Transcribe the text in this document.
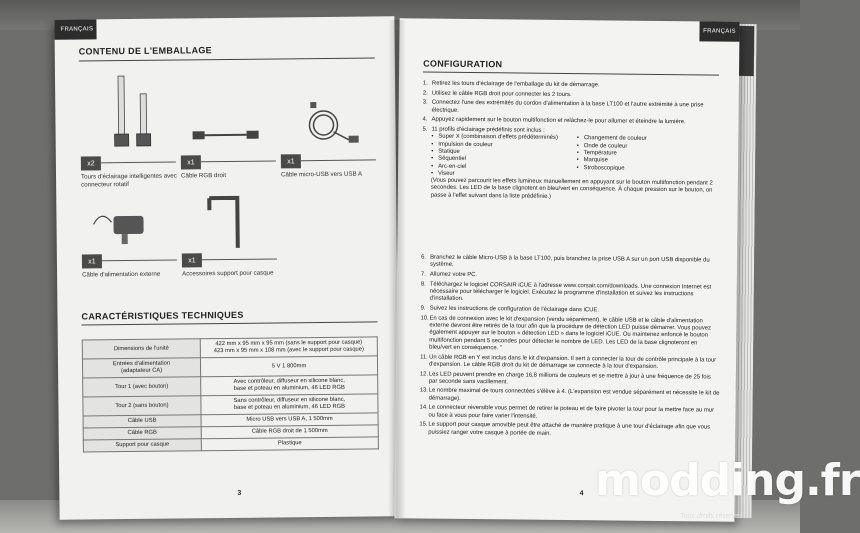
FRANÇAIS
CONTENU DE L'EMBALLAGE
x2
Tours d'éclairage intelligentes avec connecteur rotatif
x1
Câble RGB droit
x1
Câble micro-USB vers USB A
x1
Câble d'alimentation externe
x1
Accessoires support pour casque
CARACTÉRISTIQUES TECHNIQUES
Dimensions de l'unité	422 mm x 95 mm x 95 mm (sans le support pour casque)
423 mm x 95 mm x 108 mm (avec le support pour casque)
Entrées d'alimentation
(adaptateur CA)	5 V 1 800mm
Tour 1 (avec bouton)	Avec contrôleur, diffuseur en silicone blanc,
base et poteau en aluminium, 46 LED RGB
Tour 2 (sans bouton)	Sans contrôleur, diffuseur en silicone blanc,
base et poteau en aluminium, 46 LED RGB
Câble USB	Micro USB vers USB A, 1 500mm
Câble RGB	Câble RGB droit de 1 500mm
Support pour casque	Plastique
3
FRANÇAIS
CONFIGURATION
1. Retirez les tours d'éclairage de l'emballage du kit de démarrage.
2. Utilisez le câble RGB droit pour connecter les 2 tours.
3. Connectez l'une des extrémités du cordon d'alimentation à la base LT100 et l'autre extrémité à une prise électrique.
4. Appuyez rapidement sur le bouton multifonction et relâchez-le pour allumer et éteindre la lumière.
5. 11 profils d'éclairage prédéfinis sont inclus :
• Super X (combinaison d'effets prédéterminés)
• Impulsion de couleur
• Statique
• Séquentiel
• Arc-en-ciel
• Viseur
• Changement de couleur
• Onde de couleur
• Température
• Marquise
• Stroboscopique
(Vous pouvez parcourir les effets lumineux manuellement en appuyant sur le bouton multifonction pendant 2 secondes. Les LED de la base clignotent en bleu/vert en conséquence. À chaque pression sur le bouton, on passe à l'effet suivant dans la liste prédéfinie.)
6. Branchez le câble Micro-USB à la base LT100, puis branchez la prise USB A sur un port USB disponible du système.
7. Allumez votre PC.
8. Téléchargez le logiciel CORSAIR iCUE à l'adresse www.corsair.com/downloads. Une connexion Internet est nécessaire pour télécharger le logiciel. Exécutez le programme d'installation et suivez les instructions d'installation.
9. Suivez les instructions de configuration de l'éclairage dans iCUE.
10. En cas de connexion avec le kit d'expansion (vendu séparément), le câble USB et le câble d'alimentation externe devront être retirés de la tour afin que la procédure de détection LED puisse démarrer. Vous pouvez également appuyer sur le bouton « détection LED » dans le logiciel iCUE. Ou maintenez enfoncé le bouton multifonction pendant 5 secondes pour détecter le nombre de LED. Les LED de la base clignoteront en bleu/vert en conséquence. "
11. Un câble RGB en Y est inclus dans le kit d'expansion. Il sert à connecter la tour de contrôle principale à la tour d'expansion. Le câble RGB droit du kit de démarrage se connecte à la tour d'expansion.
12. Les LED peuvent prendre en charge 16,8 millions de couleurs et se mettre à jour à une fréquence de 25 fois par seconde sans vacillement.
13. Le nombre maximal de tours connectées s'élève à 4. (L'expansion est vendue séparément et nécessite le kit de démarrage).
14. Le connecteur réversible vous permet de retirer le poteau et de faire pivoter la tour pour la mettre face au mur ou face à vous pour faire varier l'intensité.
15. Le support pour casque amovible peut être attaché de manière pratique à une tour d'éclairage afin que vous puissiez ranger votre casque à portée de main.
4 modding.fr
Tous droits réservés
